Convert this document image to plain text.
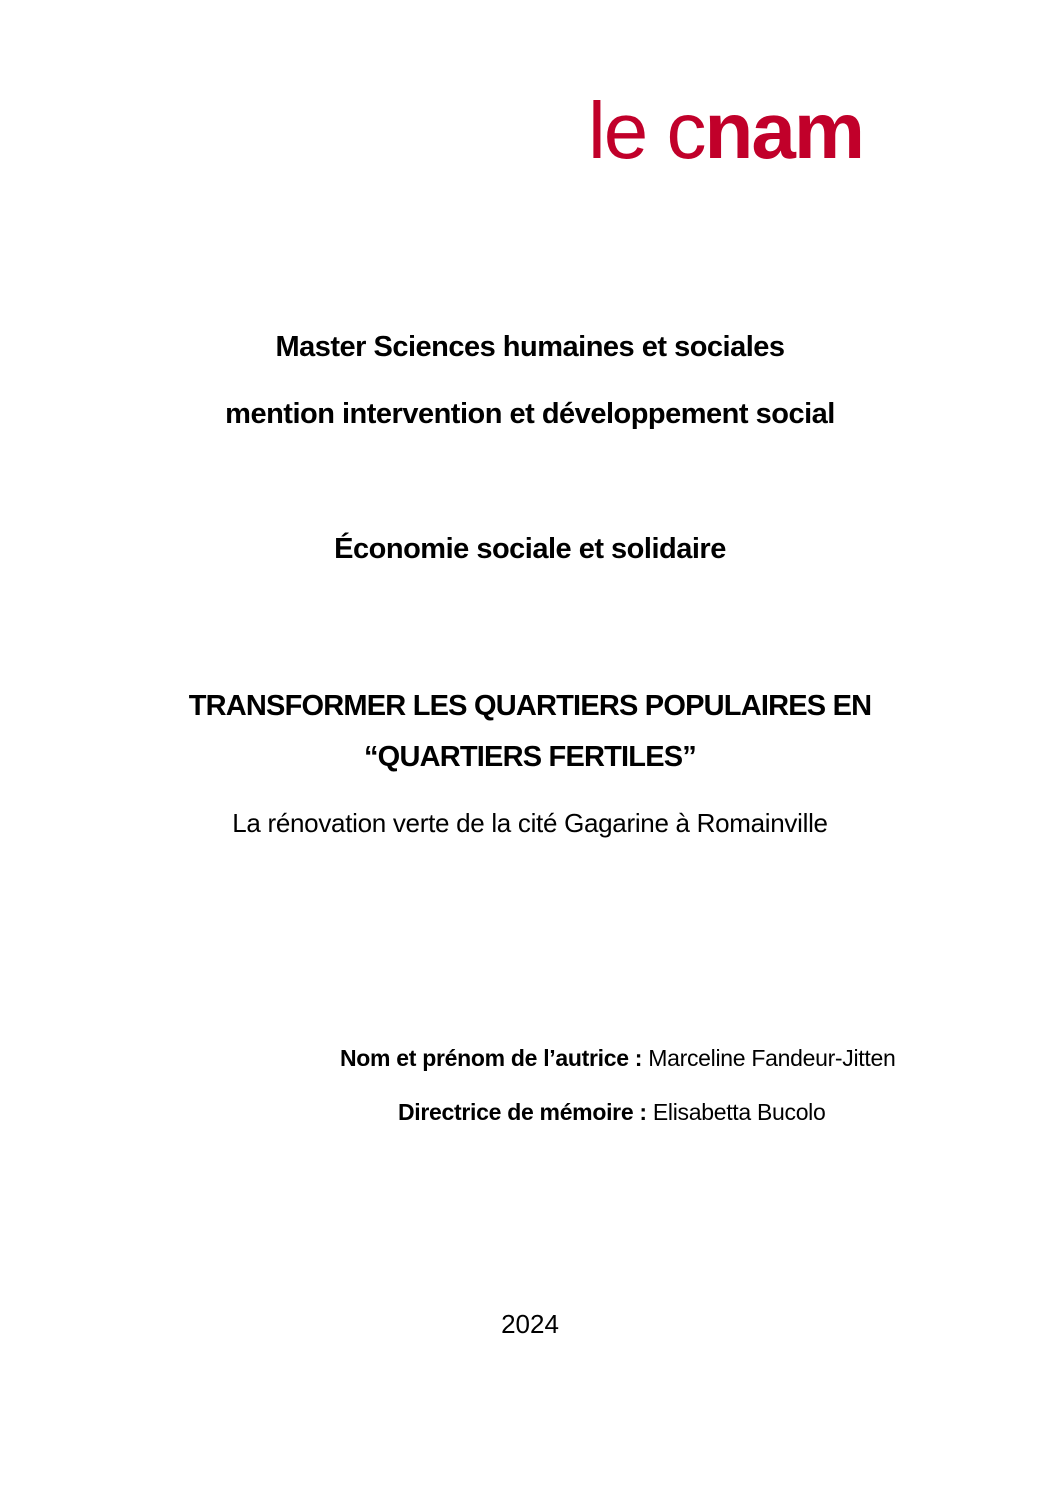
le cnam
Master Sciences humaines et sociales
mention intervention et développement social
Économie sociale et solidaire
TRANSFORMER LES QUARTIERS POPULAIRES EN
“QUARTIERS FERTILES”
La rénovation verte de la cité Gagarine à Romainville
Nom et prénom de l’autrice : Marceline Fandeur-Jitten
Directrice de mémoire : Elisabetta Bucolo
2024
